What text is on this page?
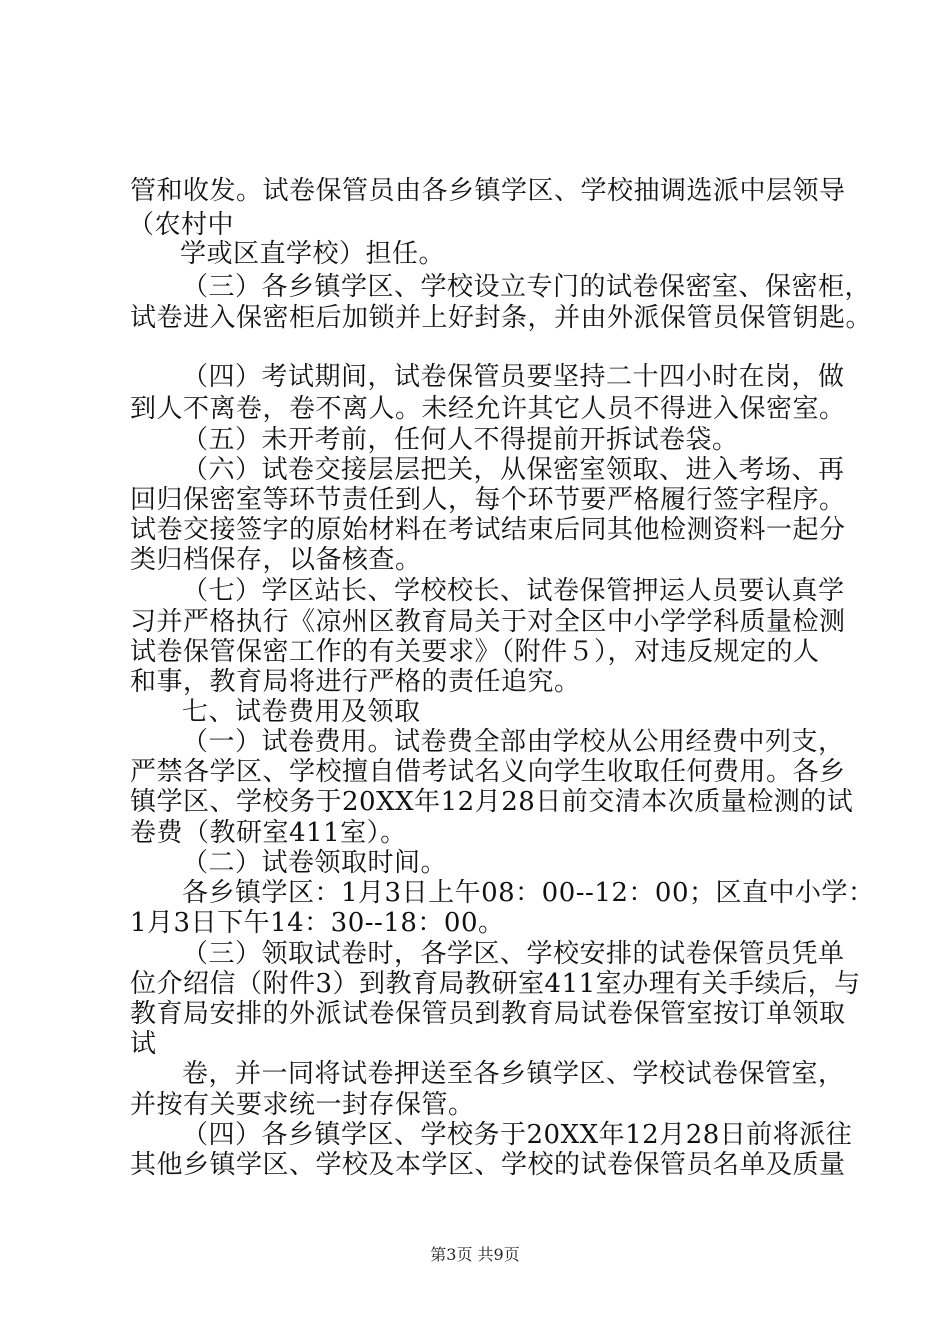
管和收发。试卷保管员由各乡镇学区、学校抽调选派中层领导
（农村中
学或区直学校）担任。
（三）各乡镇学区、学校设立专门的试卷保密室、保密柜，
试卷进入保密柜后加锁并上好封条，并由外派保管员保管钥匙。
（四）考试期间，试卷保管员要坚持二十四小时在岗，做
到人不离卷，卷不离人。未经允许其它人员不得进入保密室。
（五）未开考前，任何人不得提前开拆试卷袋。
（六）试卷交接层层把关，从保密室领取、进入考场、再
回归保密室等环节责任到人，每个环节要严格履行签字程序。
试卷交接签字的原始材料在考试结束后同其他检测资料一起分
类归档保存，以备核查。
（七）学区站长、学校校长、试卷保管押运人员要认真学
习并严格执行《凉州区教育局关于对全区中小学学科质量检测
试卷保管保密工作的有关要求》（附件５），对违反规定的人
和事，教育局将进行严格的责任追究。
七、试卷费用及领取
（一）试卷费用。试卷费全部由学校从公用经费中列支，
严禁各学区、学校擅自借考试名义向学生收取任何费用。各乡
镇学区、学校务于20XX年12月28日前交清本次质量检测的试
卷费（教研室411室）。
（二）试卷领取时间。
各乡镇学区：1月3日上午08：00--12：00；区直中小学：
1月3日下午14：30--18：00。
（三）领取试卷时，各学区、学校安排的试卷保管员凭单
位介绍信（附件3）到教育局教研室411室办理有关手续后，与
教育局安排的外派试卷保管员到教育局试卷保管室按订单领取
试
卷，并一同将试卷押送至各乡镇学区、学校试卷保管室，
并按有关要求统一封存保管。
（四）各乡镇学区、学校务于20XX年12月28日前将派往
其他乡镇学区、学校及本学区、学校的试卷保管员名单及质量
第3页 共9页
